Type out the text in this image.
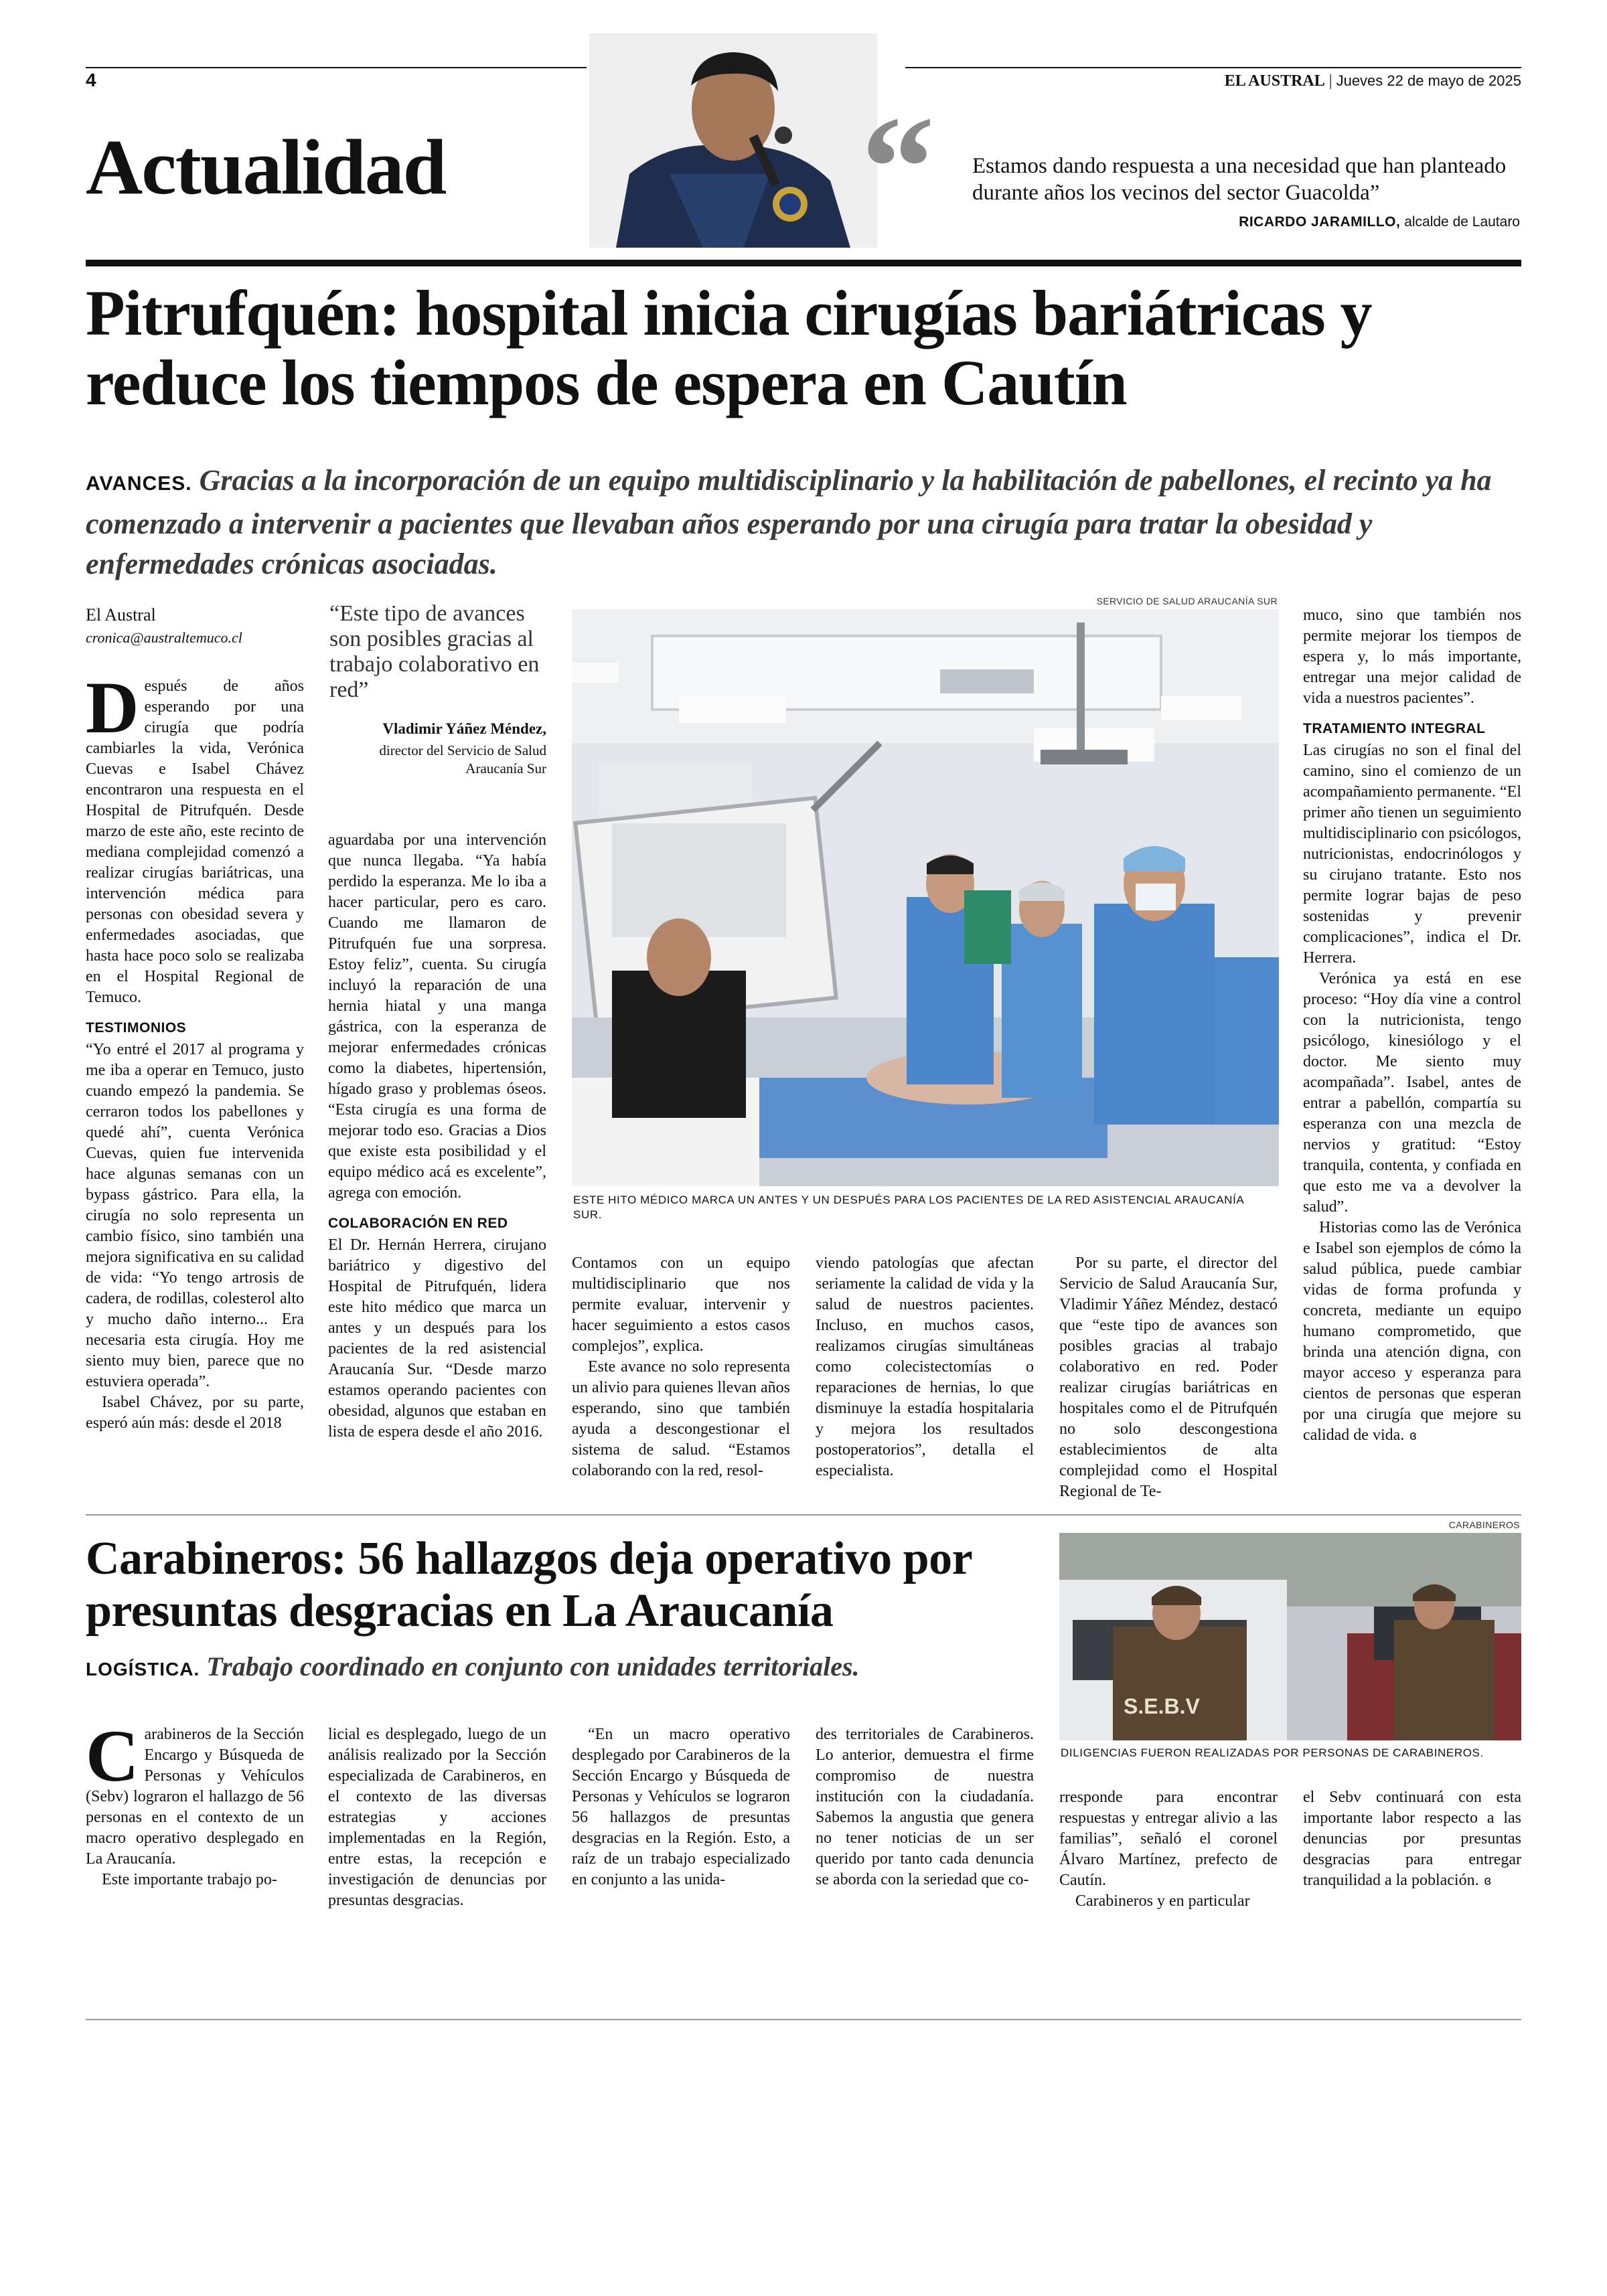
4	EL AUSTRAL | Jueves 22 de mayo de 2025
Actualidad	“ Estamos dando respuesta a una necesidad que han planteado durante años los vecinos del sector Guacolda”
RICARDO JARAMILLO, alcalde de Lautaro
Pitrufquén: hospital inicia cirugías bariátricas y reduce los tiempos de espera en Cautín
AVANCES. Gracias a la incorporación de un equipo multidisciplinario y la habilitación de pabellones, el recinto ya ha comenzado a intervenir a pacientes que llevaban años esperando por una cirugía para tratar la obesidad y enfermedades crónicas asociadas.
El Austral
cronica@australtemuco.cl

Después de años esperando por una cirugía que podría cambiarles la vida, Verónica Cuevas e Isabel Chávez encontraron una respuesta en el Hospital de Pitrufquén. Desde marzo de este año, este recinto de mediana complejidad comenzó a realizar cirugías bariátricas, una intervención médica para personas con obesidad severa y enfermedades asociadas, que hasta hace poco solo se realizaba en el Hospital Regional de Temuco.

TESTIMONIOS

“Yo entré el 2017 al programa y me iba a operar en Temuco, justo cuando empezó la pandemia. Se cerraron todos los pabellones y quedé ahí”, cuenta Verónica Cuevas, quien fue intervenida hace algunas semanas con un bypass gástrico. Para ella, la cirugía no solo representa un cambio físico, sino también una mejora significativa en su calidad de vida: “Yo tengo artrosis de cadera, de rodillas, colesterol alto y mucho daño interno... Era necesaria esta cirugía. Hoy me siento muy bien, parece que no estuviera operada”.

Isabel Chávez, por su parte, esperó aún más: desde el 2018

“Este tipo de avances son posibles gracias al trabajo colaborativo en red”
Vladimir Yáñez Méndez,
director del Servicio de Salud Araucanía Sur

aguardaba por una intervención que nunca llegaba. “Ya había perdido la esperanza. Me lo iba a hacer particular, pero es caro. Cuando me llamaron de Pitrufquén fue una sorpresa. Estoy feliz”, cuenta. Su cirugía incluyó la reparación de una hernia hiatal y una manga gástrica, con la esperanza de mejorar enfermedades crónicas como la diabetes, hipertensión, hígado graso y problemas óseos. “Esta cirugía es una forma de mejorar todo eso. Gracias a Dios que existe esta posibilidad y el equipo médico acá es excelente”, agrega con emoción.

COLABORACIÓN EN RED

El Dr. Hernán Herrera, cirujano bariátrico y digestivo del Hospital de Pitrufquén, lidera este hito médico que marca un antes y un después para los pacientes de la red asistencial Araucanía Sur. “Desde marzo estamos operando pacientes con obesidad, algunos que estaban en lista de espera desde el año 2016.

SERVICIO DE SALUD ARAUCANÍA SUR
ESTE HITO MÉDICO MARCA UN ANTES Y UN DESPUÉS PARA LOS PACIENTES DE LA RED ASISTENCIAL ARAUCANÍA SUR.

Contamos con un equipo multidisciplinario que nos permite evaluar, intervenir y hacer seguimiento a estos casos complejos”, explica.

Este avance no solo representa un alivio para quienes llevan años esperando, sino que también ayuda a descongestionar el sistema de salud. “Estamos colaborando con la red, resol-

viendo patologías que afectan seriamente la calidad de vida y la salud de nuestros pacientes. Incluso, en muchos casos, realizamos cirugías simultáneas como colecistectomías o reparaciones de hernias, lo que disminuye la estadía hospitalaria y mejora los resultados postoperatorios”, detalla el especialista.

Por su parte, el director del Servicio de Salud Araucanía Sur, Vladimir Yáñez Méndez, destacó que “este tipo de avances son posibles gracias al trabajo colaborativo en red. Poder realizar cirugías bariátricas en hospitales como el de Pitrufquén no solo descongestiona establecimientos de alta complejidad como el Hospital Regional de Te-

muco, sino que también nos permite mejorar los tiempos de espera y, lo más importante, entregar una mejor calidad de vida a nuestros pacientes”.

TRATAMIENTO INTEGRAL

Las cirugías no son el final del camino, sino el comienzo de un acompañamiento permanente. “El primer año tienen un seguimiento multidisciplinario con psicólogos, nutricionistas, endocrinólogos y su cirujano tratante. Esto nos permite lograr bajas de peso sostenidas y prevenir complicaciones”, indica el Dr. Herrera.

Verónica ya está en ese proceso: “Hoy día vine a control con la nutricionista, tengo psicólogo, kinesiólogo y el doctor. Me siento muy acompañada”. Isabel, antes de entrar a pabellón, compartía su esperanza con una mezcla de nervios y gratitud: “Estoy tranquila, contenta, y confiada en que esto me va a devolver la salud”.

Historias como las de Verónica e Isabel son ejemplos de cómo la salud pública, puede cambiar vidas de forma profunda y concreta, mediante un equipo humano comprometido, que brinda una atención digna, con mayor acceso y esperanza para cientos de personas que esperan por una cirugía que mejore su calidad de vida. ɞ

Carabineros: 56 hallazgos deja operativo por presuntas desgracias en La Araucanía
LOGÍSTICA. Trabajo coordinado en conjunto con unidades territoriales.
CARABINEROS
S.E.B.V
DILIGENCIAS FUERON REALIZADAS POR PERSONAS DE CARABINEROS.

Carabineros de la Sección Encargo y Búsqueda de Personas y Vehículos (Sebv) lograron el hallazgo de 56 personas en el contexto de un macro operativo desplegado en La Araucanía.

Este importante trabajo po-

licial es desplegado, luego de un análisis realizado por la Sección especializada de Carabineros, en el contexto de las diversas estrategias y acciones implementadas en la Región, entre estas, la recepción e investigación de denuncias por presuntas desgracias.

“En un macro operativo desplegado por Carabineros de la Sección Encargo y Búsqueda de Personas y Vehículos se lograron 56 hallazgos de presuntas desgracias en la Región. Esto, a raíz de un trabajo especializado en conjunto a las unida-

des territoriales de Carabineros. Lo anterior, demuestra el firme compromiso de nuestra institución con la ciudadanía. Sabemos la angustia que genera no tener noticias de un ser querido por tanto cada denuncia se aborda con la seriedad que co-

rresponde para encontrar respuestas y entregar alivio a las familias”, señaló el coronel Álvaro Martínez, prefecto de Cautín.

Carabineros y en particular

el Sebv continuará con esta importante labor respecto a las denuncias por presuntas desgracias para entregar tranquilidad a la población. ɞ
